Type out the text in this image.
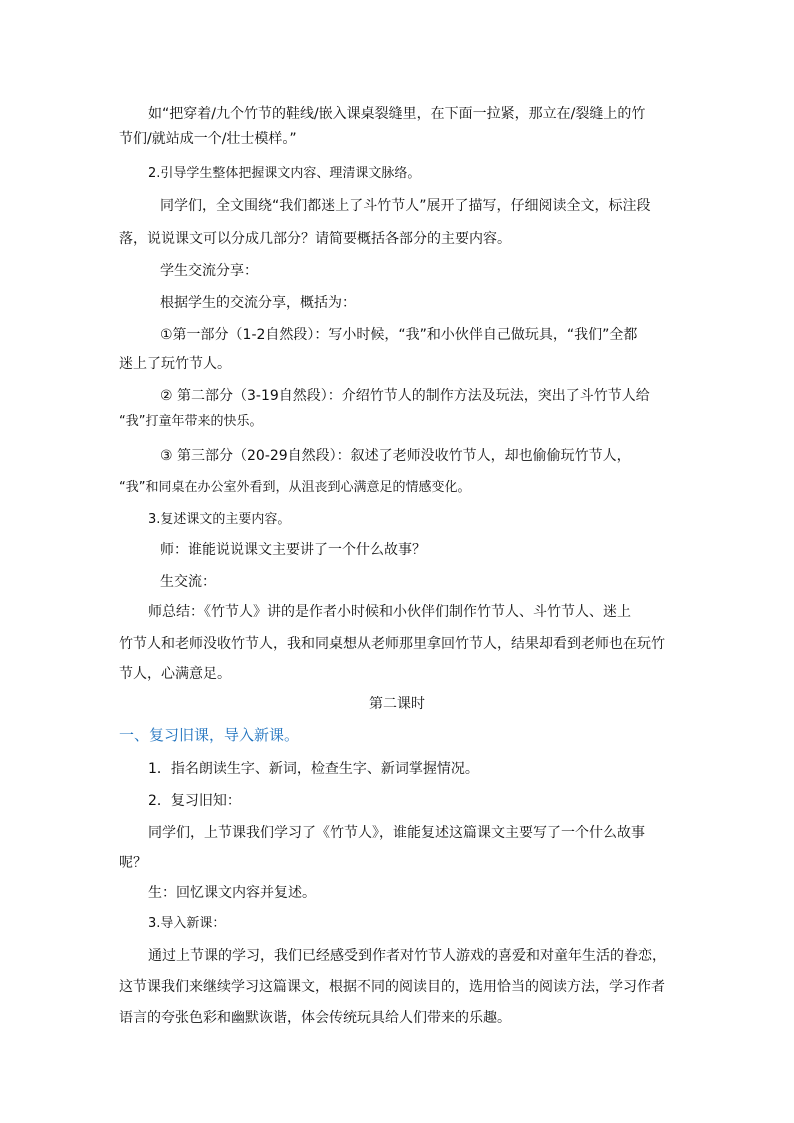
如“把穿着/九个竹节的鞋线/嵌入课桌裂缝里，在下面一拉紧，那立在/裂缝上的竹
节们/就站成一个/壮士模样。”
2.引导学生整体把握课文内容、理清课文脉络。
同学们，全文围绕“我们都迷上了斗竹节人”展开了描写，仔细阅读全文，标注段
落，说说课文可以分成几部分？请简要概括各部分的主要内容。
学生交流分享：
根据学生的交流分享，概括为：
①第一部分（1-2自然段）：写小时候，“我”和小伙伴自己做玩具，“我们”全都
迷上了玩竹节人。
② 第二部分（3-19自然段）：介绍竹节人的制作方法及玩法，突出了斗竹节人给
“我”打童年带来的快乐。
③ 第三部分（20-29自然段）：叙述了老师没收竹节人，却也偷偷玩竹节人，
“我”和同桌在办公室外看到，从沮丧到心满意足的情感变化。
3.复述课文的主要内容。
师：谁能说说课文主要讲了一个什么故事？
生交流：
师总结：《竹节人》讲的是作者小时候和小伙伴们制作竹节人、斗竹节人、迷上
竹节人和老师没收竹节人，我和同桌想从老师那里拿回竹节人，结果却看到老师也在玩竹
节人，心满意足。
第二课时
一、复习旧课，导入新课。
1．指名朗读生字、新词，检查生字、新词掌握情况。
2．复习旧知：
同学们，上节课我们学习了《竹节人》，谁能复述这篇课文主要写了一个什么故事
呢？
生：回忆课文内容并复述。
3.导入新课：
通过上节课的学习，我们已经感受到作者对竹节人游戏的喜爱和对童年生活的眷恋，
这节课我们来继续学习这篇课文，根据不同的阅读目的，选用恰当的阅读方法，学习作者
语言的夸张色彩和幽默诙谐，体会传统玩具给人们带来的乐趣。
